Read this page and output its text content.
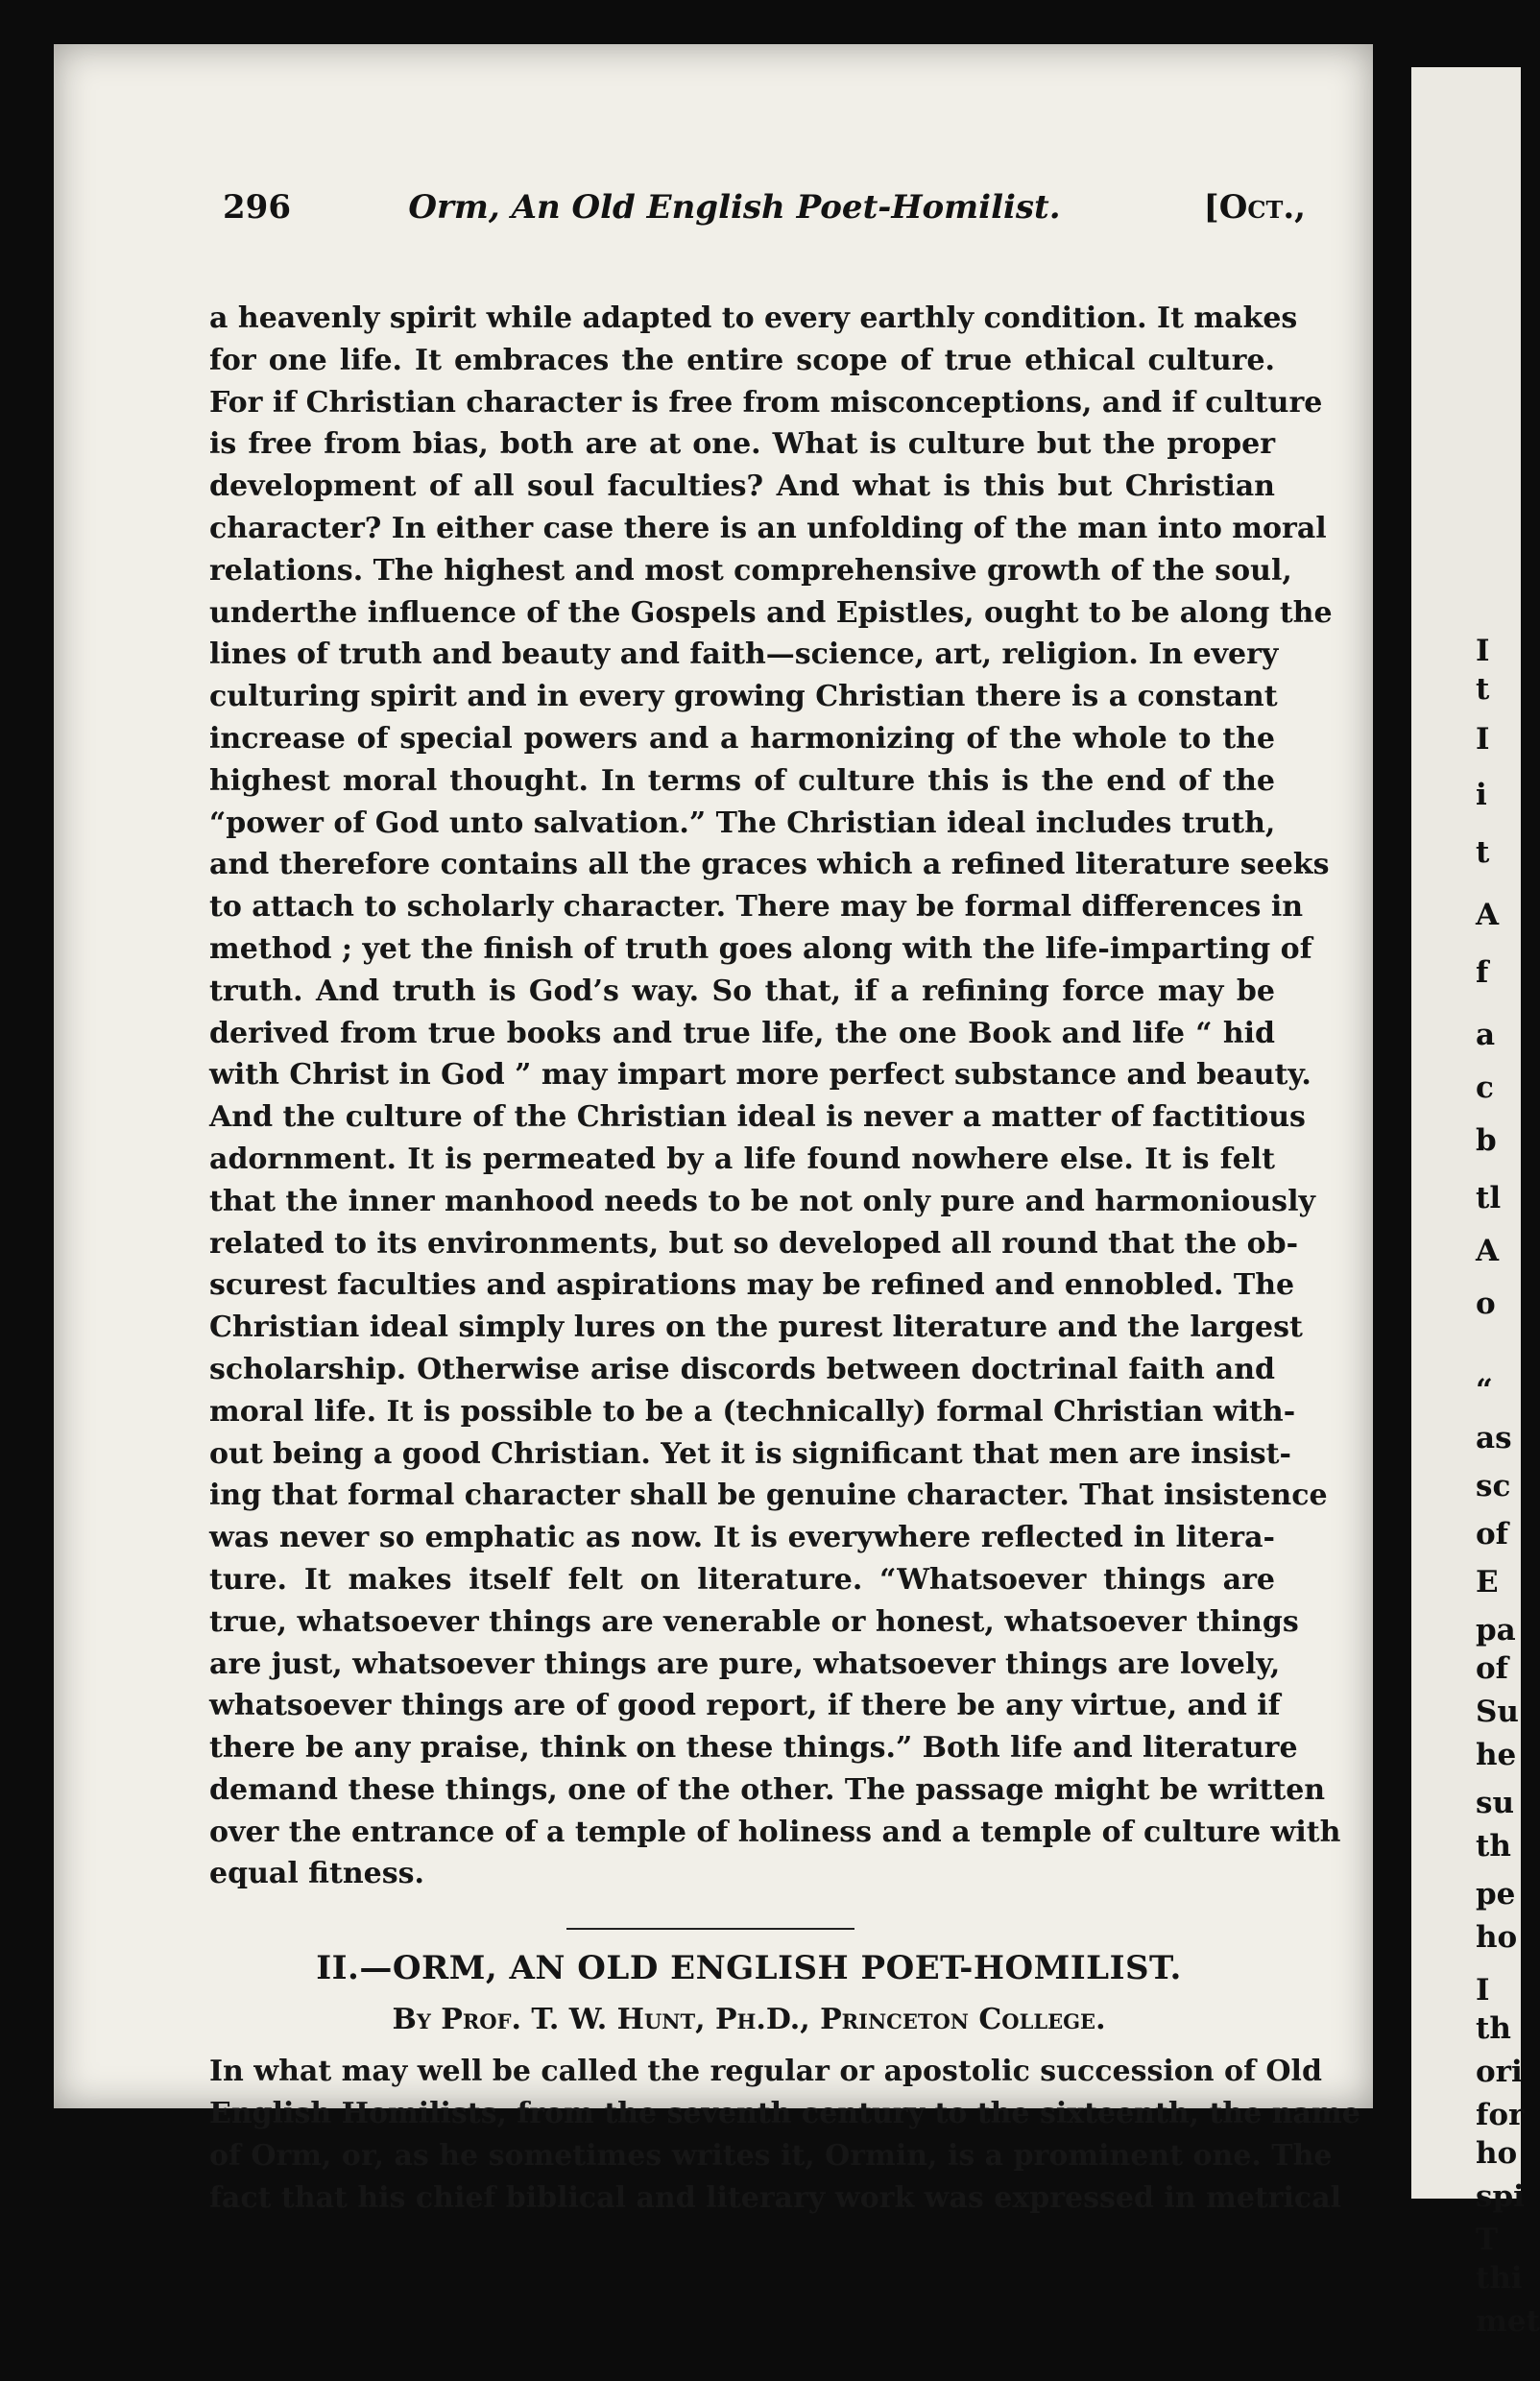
I
t
I
i
t
A
f
a
c
b
tl
A
o
“
as
sc
of
E
pa
of
Su
he
su
th
pe
ho
I
th
ori
for
ho
spi
T
thi
met
296	Orm, An Old English Poet-Homilist.	[Oct.,
a heavenly spirit while adapted to every earthly condition. It makes
for one life. It embraces the entire scope of true ethical culture.
For if Christian character is free from misconceptions, and if culture
is free from bias, both are at one. What is culture but the proper
development of all soul faculties? And what is this but Christian
character? In either case there is an unfolding of the man into moral
relations. The highest and most comprehensive growth of the soul,
underthe influence of the Gospels and Epistles, ought to be along the
lines of truth and beauty and faith—science, art, religion. In every
culturing spirit and in every growing Christian there is a constant
increase of special powers and a harmonizing of the whole to the
highest moral thought. In terms of culture this is the end of the
“power of God unto salvation.” The Christian ideal includes truth,
and therefore contains all the graces which a refined literature seeks
to attach to scholarly character. There may be formal differences in
method ; yet the finish of truth goes along with the life-imparting of
truth. And truth is God’s way. So that, if a refining force may be
derived from true books and true life, the one Book and life “ hid
with Christ in God ” may impart more perfect substance and beauty.
And the culture of the Christian ideal is never a matter of factitious
adornment. It is permeated by a life found nowhere else. It is felt
that the inner manhood needs to be not only pure and harmoniously
related to its environments, but so developed all round that the ob-
scurest faculties and aspirations may be refined and ennobled. The
Christian ideal simply lures on the purest literature and the largest
scholarship. Otherwise arise discords between doctrinal faith and
moral life. It is possible to be a (technically) formal Christian with-
out being a good Christian. Yet it is significant that men are insist-
ing that formal character shall be genuine character. That insistence
was never so emphatic as now. It is everywhere reflected in litera-
ture. It makes itself felt on literature. “Whatsoever things are
true, whatsoever things are venerable or honest, whatsoever things
are just, whatsoever things are pure, whatsoever things are lovely,
whatsoever things are of good report, if there be any virtue, and if
there be any praise, think on these things.” Both life and literature
demand these things, one of the other. The passage might be written
over the entrance of a temple of holiness and a temple of culture with
equal fitness.
II.—ORM, AN OLD ENGLISH POET-HOMILIST.
By Prof. T. W. Hunt, Ph.D., Princeton College.
In what may well be called the regular or apostolic succession of Old
English Homilists, from the seventh century to the sixteenth, the name
of Orm, or, as he sometimes writes it, Ormin, is a prominent one. The
fact that his chief biblical and literary work was expressed in metrical
